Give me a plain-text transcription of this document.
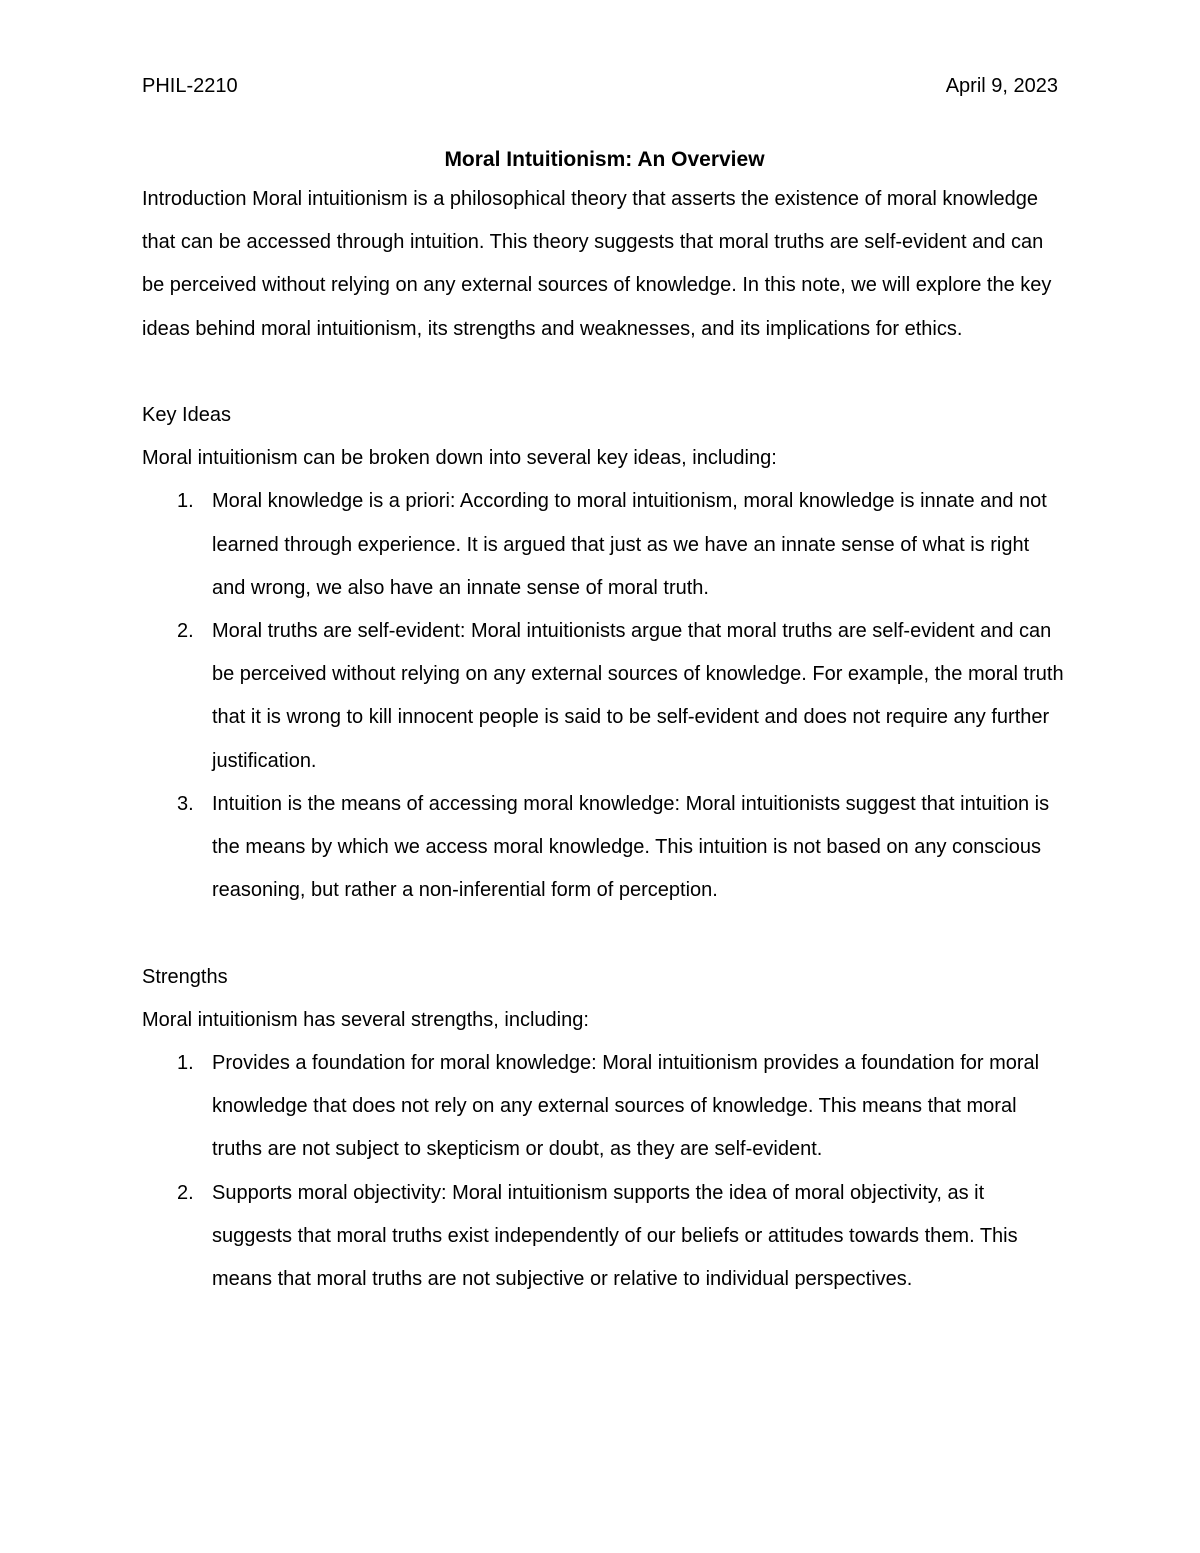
PHIL-2210	April 9, 2023
Moral Intuitionism: An Overview

Introduction Moral intuitionism is a philosophical theory that asserts the existence of moral knowledge that can be accessed through intuition. This theory suggests that moral truths are self-evident and can be perceived without relying on any external sources of knowledge. In this note, we will explore the key ideas behind moral intuitionism, its strengths and weaknesses, and its implications for ethics.

Key Ideas

Moral intuitionism can be broken down into several key ideas, including:

1. Moral knowledge is a priori: According to moral intuitionism, moral knowledge is innate and not learned through experience. It is argued that just as we have an innate sense of what is right and wrong, we also have an innate sense of moral truth.
2. Moral truths are self-evident: Moral intuitionists argue that moral truths are self-evident and can be perceived without relying on any external sources of knowledge. For example, the moral truth that it is wrong to kill innocent people is said to be self-evident and does not require any further justification.
3. Intuition is the means of accessing moral knowledge: Moral intuitionists suggest that intuition is the means by which we access moral knowledge. This intuition is not based on any conscious reasoning, but rather a non-inferential form of perception.

Strengths

Moral intuitionism has several strengths, including:

1. Provides a foundation for moral knowledge: Moral intuitionism provides a foundation for moral knowledge that does not rely on any external sources of knowledge. This means that moral truths are not subject to skepticism or doubt, as they are self-evident.
2. Supports moral objectivity: Moral intuitionism supports the idea of moral objectivity, as it suggests that moral truths exist independently of our beliefs or attitudes towards them. This means that moral truths are not subjective or relative to individual perspectives.
